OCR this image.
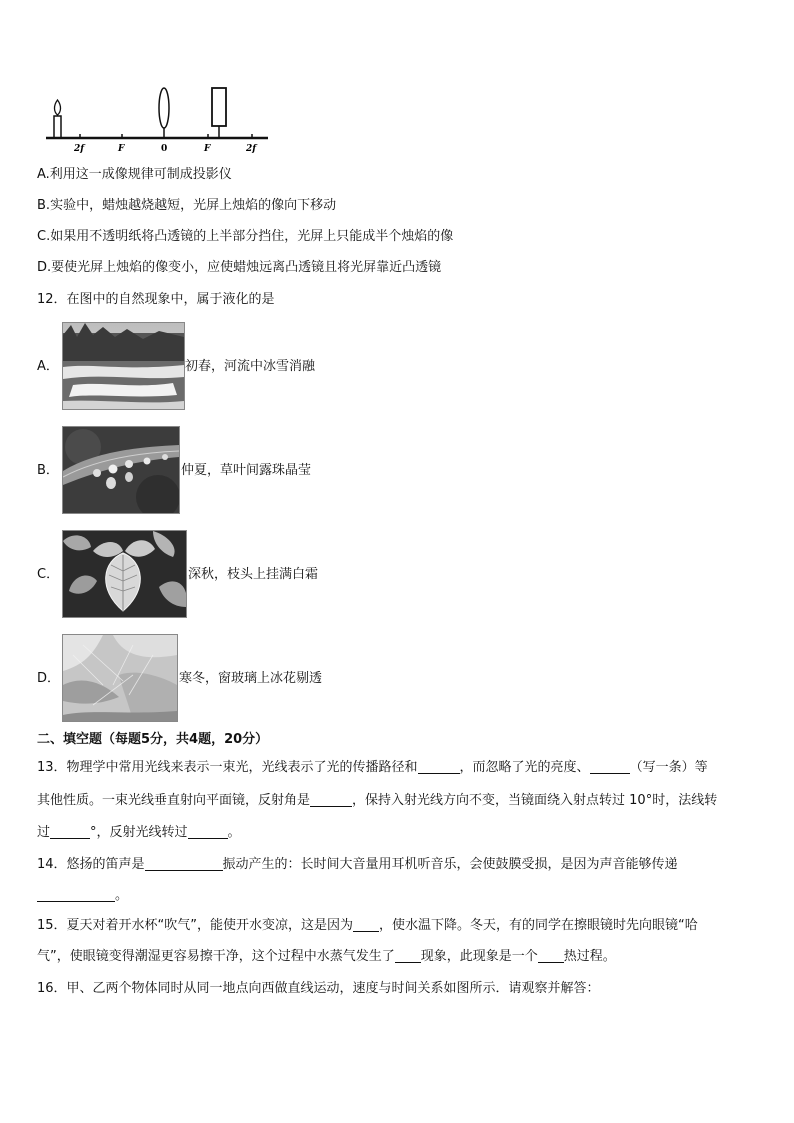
2f	F	0	F	2f
A.利用这一成像规律可制成投影仪
B.实验中，蜡烛越烧越短，光屏上烛焰的像向下移动
C.如果用不透明纸将凸透镜的上半部分挡住，光屏上只能成半个烛焰的像
D.要使光屏上烛焰的像变小，应使蜡烛远离凸透镜且将光屏靠近凸透镜
12．在图中的自然现象中，属于液化的是
A．	初春，河流中冰雪消融
B．	仲夏，草叶间露珠晶莹
C．	深秋，枝头上挂满白霜
D．	寒冬，窗玻璃上冰花剔透
二、填空题（每题5分，共4题，20分）
13．物理学中常用光线来表示一束光，光线表示了光的传播路径和	，而忽略了光的亮度、	（写一条）等
其他性质。一束光线垂直射向平面镜，反射角是	，保持入射光线方向不变，当镜面绕入射点转过 10°时，法线转
过	°，反射光线转过	。
14．悠扬的笛声是	振动产生的：长时间大音量用耳机听音乐，会使鼓膜受损，是因为声音能够传递
。
15．夏天对着开水杯“吹气”，能使开水变凉，这是因为 ，使水温下降。冬天，有的同学在擦眼镜时先向眼镜“哈
气”，使眼镜变得潮湿更容易擦干净，这个过程中水蒸气发生了 现象，此现象是一个 热过程。
16．甲、乙两个物体同时从同一地点向西做直线运动，速度与时间关系如图所示．请观察并解答：
